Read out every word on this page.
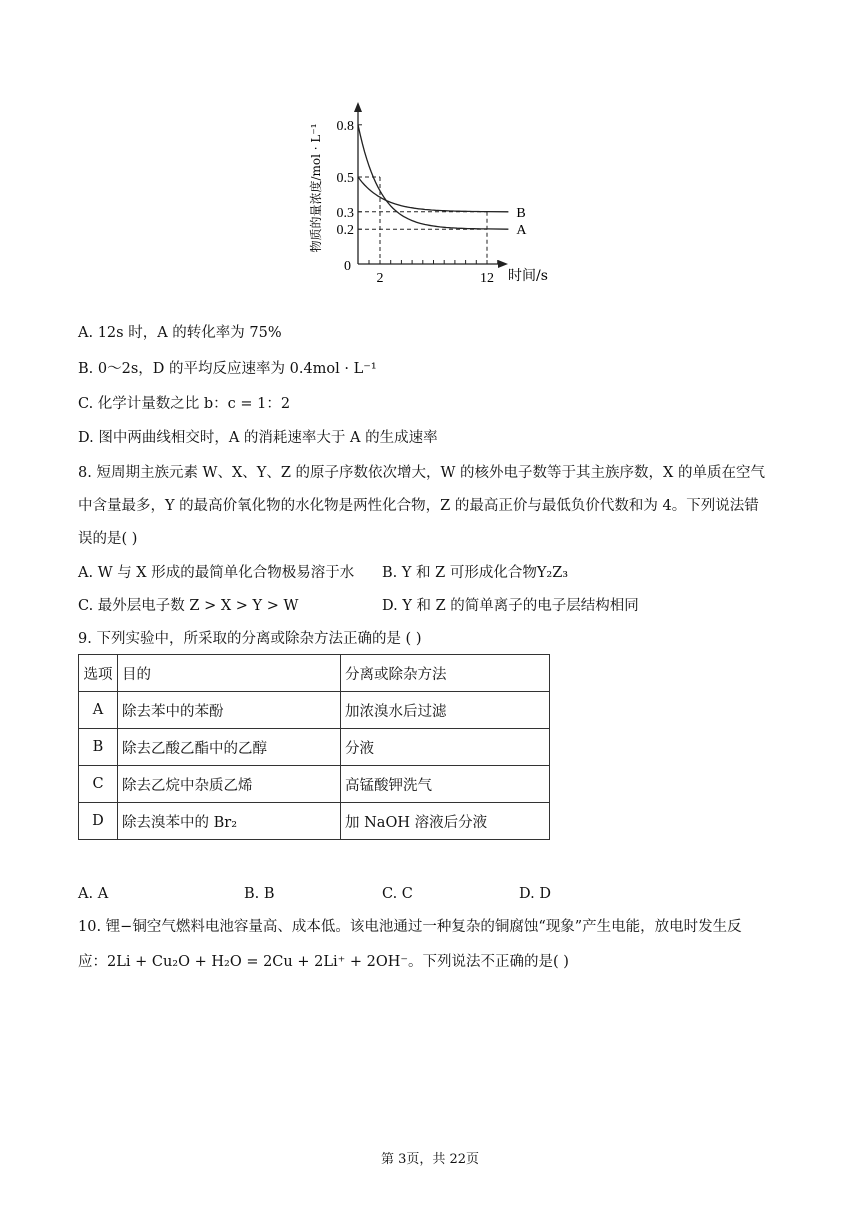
A
B
0.8
0.5
0.3
0.2
2	12
0
时间/s
物质的量浓度/mol · L⁻¹
A. 12s 时，A 的转化率为 75%
B. 0～2s，D 的平均反应速率为 0.4mol · L⁻¹
C. 化学计量数之比 b：c = 1：2
D. 图中两曲线相交时，A 的消耗速率大于 A 的生成速率
8. 短周期主族元素 W、X、Y、Z 的原子序数依次增大，W 的核外电子数等于其主族序数，X 的单质在空气
中含量最多，Y 的最高价氧化物的水化物是两性化合物，Z 的最高正价与最低负价代数和为 4。下列说法错
误的是( )
A. W 与 X 形成的最简单化合物极易溶于水 B. Y 和 Z 可形成化合物Y₂Z₃
C. 最外层电子数 Z > X > Y > W	D. Y 和 Z 的简单离子的电子层结构相同
9. 下列实验中，所采取的分离或除杂方法正确的是 ( )
选项	目的	分离或除杂方法
A	除去苯中的苯酚	加浓溴水后过滤
B	除去乙酸乙酯中的乙醇	分液
C	除去乙烷中杂质乙烯	高锰酸钾洗气
D	除去溴苯中的 Br₂	加 NaOH 溶液后分液
A. A	B. B	C. C	D. D
10. 锂−铜空气燃料电池容量高、成本低。该电池通过一种复杂的铜腐蚀“现象”产生电能，放电时发生反
应：2Li + Cu₂O + H₂O = 2Cu + 2Li⁺ + 2OH⁻。下列说法不正确的是( )
第 3页，共 22页
